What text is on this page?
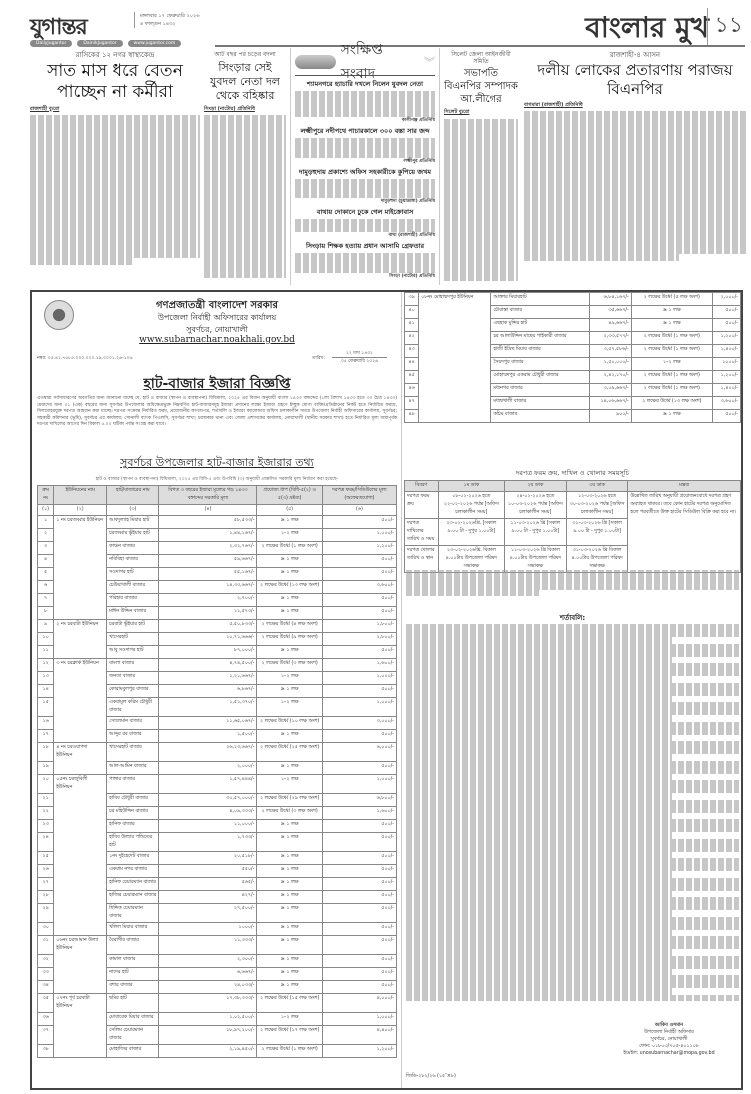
যুগান্তর	মঙ্গলবার ১৭ ফেব্রুয়ারি ২০২৬
৪ ফাল্গুন ১৪৩২
DailyJugantor	DainikJugantor	www.jugantor.com	বাংলার মুখ ১১
রাসিকের ১২ নগর স্বাস্থ্যকেন্দ্র
সাত মাস ধরে বেতন পাচ্ছেন না কর্মীরা
রাজশাহী ব্যুরো
আট বছর পর চড়ের বদলা
সিংড়ার সেই যুবদল নেতা দল থেকে বহিষ্কার
সিংড়া (নাটোর) প্রতিনিধি
সংক্ষিপ্ত সংবাদ
︾
শ্যামনগরে হ্যাচারি দখলে নিলেন যুবদল নেতা
কালীগঞ্জ প্রতিনিধি
লক্ষ্মীপুরে নদীপথে পাচারকালে ৩০০ বস্তা সার জব্দ
লক্ষ্মীপুর প্রতিনিধি
দামুড়হুদায় প্রকাশ্যে অফিস সহকারীকে কুপিয়ে জখম
দামুড়হুদা (চুয়াডাঙ্গা) প্রতিনিধি
বাথায় দোকানে ঢুকে গেল মাইক্রোবাস
বাঘা (রাজশাহী) প্রতিনিধি
সিংড়ায় শিক্ষক হত্যায় প্রধান আসামি গ্রেফতার
সিংড়া (নাটোর) প্রতিনিধি
সিলেট জেলা আইনজীবী সমিতি
সভাপতি বিএনপির সম্পাদক আ.লীগের
সিলেট ব্যুরো
রাজশাহী-৪ আসন
দলীয় লোকের প্রতারণায় পরাজয় বিএনপির
বাগমারা (রাজশাহী) প্রতিনিধি
গণপ্রজাতন্ত্রী বাংলাদেশ সরকার
উপজেলা নির্বাহী অফিসারের কার্যালয়
সুবর্ণচর, নোয়াখালী
www.subarnachar.noakhali.gov.bd
নম্বর: ০৫.৪২.৭৫৮৫.০০০.০০০.১৯.০০০১.২৬-১০৬	তারিখ:
২২ মাঘ ১৪৩২
০৫ ফেব্রুয়ারি ২০২৬
হাট-বাজার ইজারা বিজ্ঞপ্তি
এতদ্বারা সর্বসাধারণের অবগতির জন্য জানানো যাচ্ছে যে, হাট ও বাজার (স্থাপন ও ব্যবস্থাপনা) বিধিমালা, ২০২৫ এর বিধান অনুযায়ী বাংলা ১৪৩৩ বঙ্গাব্দের (১লা বৈশাখ ১৪৩৩ হতে ৩০ চৈত্র ১৪৩৩) মেয়াদের জন্য ০১ (এক) বছরের জন্য সুবর্ণচর উপজেলার অধিক্ষেত্রভুক্ত নিম্নবর্ণিত হাট-বাজারসমূহ ইজারা প্রদানের লক্ষ্যে ইজারা গ্রহণে ইচ্ছুক যোগ্য ব্যক্তি/প্রতিষ্ঠানের নিকট হতে নির্ধারিত ফরমে, সিলমোহরযুক্ত দরপত্র আহবান করা যাচ্ছে। দরপত্র সংক্রান্ত নির্ধারিত ফরম, প্রয়োজনীয় কাগজপত্র, শর্তাবলি ও ইজারা ক্যালেন্ডার অফিস চলাকালীন সময়ে উপজেলা নির্বাহী অফিসারের কার্যালয়, সুবর্ণচর; সহকারী কমিশনার (ভূমি), সুবর্ণচর এর কার্যালয়; সোনালী ব্যাংক পিএলসি, সুবর্ণচর শাখা; চরজব্বর থানা এবং জেলা প্রশাসকের কার্যালয়, নোয়াখালী (স্থানীয় সরকার শাখা) হতে নির্ধারিত মূল্য জমাপূর্বক দরপত্র দাখিলের আগের দিন বিকাল ৫.০০ ঘটিকা পর্যন্ত সংগ্রহ করা যাবে।
সুবর্ণচর উপজেলার হাট-বাজার ইজারার তথ্য
হাট ও বাজার (স্থাপন ও ব্যবস্থাপনা) বিধিমালা, ২০২৫ এর বিধি-৫ এবং উপবিধি (৩) অনুযায়ী প্রাক্কলিত সরকারি মূল্য নির্ধারণ করা হয়েছে-
ক্রম নং	ইউনিয়নের নাম	হাট/বাজারের নাম	বিগত ৩ বছরের ইজারা মূল্যের গড় ১৪৩৩ বঙ্গাব্দের সরকারি মূল্য	প্রযোজ্য ধাপ (বিধি-৫(২) ও ৫(৩) দ্রষ্টব্য)	দরপত্র ফরম/সিডিউলের মূল্য (অফেরতযোগ্য)
(১)	(২)	(৩)	(৪)	(৫)	(৬)
১	১ নং চরজব্বার ইউনিয়ন	আবদুল্যাহ মিয়ার হাট	৫৮,৫৩৩/-	≥ ১ লক্ষ	৫০০/-
২		চরজব্বার ভূঁইয়ার হাট	১,৪৪,১৬৭/-	১–২ লক্ষ	১,০০০/-
৩		কাঞ্চন বাজার	২,৩২,৭৬৭/-	২ লক্ষের উর্ধ্বে (১ লক্ষ অংশ)	১,২০০/-
৪		নবিবিহা বাজার	৫৯,৬৬৭/-	≥ ১ লক্ষ	৫০০/-
৫		সওদাগর হাট	৫৫,১৬৭/-	≥ ১ লক্ষ	৫০০/-
৬		চেউয়াখালী বাজার	১৪,৩৩,৬৬৭/-	২ লক্ষের উর্ধ্বে (১৩ লক্ষ অংশ)	৩,৬০০/-
৭		পরিহার বাজার	২,৭০০/-	≥ ১ লক্ষ	৫০০/-
৮		মাঈন উদ্দিন বাজার	১১,৫৭৩/-	≥ ১ লক্ষ	৫০০/-
৯	২ নং চরবাটা ইউনিয়ন	চরবাটা ভূঁইয়ার হাট	৫,৫০,৮৩৩/-	২ লক্ষের উর্ধ্বে (৪ লক্ষ অংশ)	১,৮০০/-
১০		খাসেরহাট	১০,৭১,৬৬৬/-	২ লক্ষের উর্ধ্বে (৯ লক্ষ অংশ)	২,৮০০/-
১১		আবু সওদাগর হাট	৮৭,০০০/-	≥ ১ লক্ষ	৫০০/-
১২	৩ নং চরক্লার্ক ইউনিয়ন	বাংলা বাজার	৪,৭৪,৫০০/-	২ লক্ষের উর্ধ্বে (৩ লক্ষ অংশ)	১,৬০০/-
১৩		জনতা বাজার	১,২১,৬৬৭/-	১–২ লক্ষ	১,০০০/-
১৪		কোরামবুলপুর বাজার	৬,৮৬৭/-	≥ ১ লক্ষ	৫০০/-
১৫		একরামুল করিম চৌধুরী বাজার	১,৫১,৩৭০/-	১–২ লক্ষ	১,০০০/-
১৬		সোলেমান বাজার	১১,৬৫,০৬৭/-	২ লক্ষের উর্ধ্বে (১০ লক্ষ অংশ)	৩,০০০/-
১৭		আব্দুর রব বাজার	১,৫০০/-	≥ ১ লক্ষ	৫০০/-
১৮	৪ নং চরওয়াপদা ইউনিয়ন	খাসেরহাট বাজার	২৬,২৩,৬৬৭/-	২ লক্ষের উর্ধ্বে (২৫ লক্ষ অংশ)	৬,০০০/-
১৯		আল-আমিন বাজার	২,০০০/-	≥ ১ লক্ষ	৫০০/-
২০	০৫নং চরজুবিলী ইউনিয়ন	পাঙ্গার বাজার	১,৫৭,৪৪৪/-	১–২ লক্ষ	১,০০০/-
২১		হাবিব চৌধুরী বাজার	৩০,৫৭,০০০/-	২ লক্ষের উর্ধ্বে (২৯ লক্ষ অংশ)	৬,৮০০/-
২২		চর মহিউদ্দিন বাজার	৪,০৯,৩৩৩/-	২ লক্ষের উর্ধ্বে (৩ লক্ষ অংশ)	১,৬০০/-
২৩		হানিফ বাজার	১১,০০০/-	≥ ১ লক্ষ	৫০০/-
২৪		হাবিব উল্যার পন্ডিতের হাট	১,৭৩৩/-	≥ ১ লক্ষ	৫০০/-
২৫		১নং দুইহেদেট বাজার	২০,৫১৮/-	≥ ১ লক্ষ	৫০০/-
২৬		একরাম নগর বাজার	৫৫০/-	≥ ১ লক্ষ	৫০০/-
২৭		হানিফ চেয়ারম্যান বাজার	৫৬৫/-	≥ ১ লক্ষ	৫০০/-
২৮		হাজির চেয়ারম্যান বাজার	৪২৭/-	≥ ১ লক্ষ	৫০০/-
২৯		ছিদ্দিক চেয়ারম্যান বাজার	২৭,৫০০/-	≥ ১ লক্ষ	৫০০/-
৩০		খলিল মিয়ার বাজার	১০০০/-	≥ ১ লক্ষ	৫০০/-
৩১	০৬নং চরআমান উল্যা ইউনিয়ন	বৈরাগীর বাজার	১১,৩৩৩/-	≥ ১ লক্ষ	৫০০/-
৩২		কামাল বাজার	২,৩০০/-	≥ ১ লক্ষ	৫০০/-
৩৩		নাদের হাট	৬,৬৬৭/-	≥ ১ লক্ষ	৫০০/-
৩৪		বশার বাজার	২৪,০৩৩/-	≥ ১ লক্ষ	৫০০/-
৩৫	০৭নং পূর্ব চরবাটা ইউনিয়ন	ছমির হাট	১৭,৩৮,৩৩৩/-	২ লক্ষের উর্ধ্বে (১৫ লক্ষ অংশ)	৪,০০০/-
৩৬		মোবারেক মিয়ার বাজার	১,০২,৫০০/-	১–২ লক্ষ	১,০০০/-
৩৭		সেলিম চেয়ারম্যান বাজার	১৮,৯৭,২০০/-	২ লক্ষের উর্ধ্বে (১৭ লক্ষ অংশ)	৪,৪০০/-
৩৮		মোহাজির বাজার	২,১৯,৪৫০/-	২ লক্ষের উর্ধ্বে (১ লক্ষ অংশ)	১,২০০/-
৩৯	০৮নং মোহাম্মদপুর ইউনিয়ন	আক্তার মিয়ারহাট	৬,৮৪,১৬৭/-	২ লক্ষের উর্ধ্বে (৫ লক্ষ অংশ)	২,০০০/-
৪০		চৌরাস্তা বাজার	৩৫,৬৬৭/-	≥ ১ লক্ষ	৫০০/-
৪১		এছহাক মুন্সির হাট	৪৯,৬৬৭/-	≥ ১ লক্ষ	৫০০/-
৪২		চর আলাউদ্দিন মাছের পাইকারী বাজার	২,৩৩,৫৭৭/-	২ লক্ষের উর্ধ্বে (১ লক্ষ অংশ)	১,২০০/-
৪৩		হাজী ইদ্রিছ মিয়ার বাজার	৩,৫৭,৫৮৬/-	২ লক্ষের উর্ধ্বে (১ লক্ষ অংশ)	১,৪০০/-
৪৪		সৈয়দপুর বাজার	১,৫০,০০০/-	১–২ লক্ষ	১০০০/-
৪৫		মোহাম্মদপুর একরাম চৌধুরী বাজার	২,৪২,১৭০/-	২ লক্ষের উর্ধ্বে (১ লক্ষ অংশ)	১,২০০/-
৪৬		মধ্যনগর বাজার	৩,০৯,৬৬৭/-	২ লক্ষের উর্ধ্বে (১ লক্ষ অংশ)	১,৪০০/-
৪৭		মধ্যম্বখালী বাজার	১৪,০৬,৬৬৭/-	২ লক্ষের উর্ধ্বে (১৩ লক্ষ অংশ)	৩,৬০০/-
৪৮		কচিম বাজার	৯০০/-	≥ ১ লক্ষ	৫০০/-
দরপত্র ফরম ক্রয়, দাখিল ও খোলার সময়সূচি
বিবরণ	১ম ডাক	২য় ডাক	৩য় ডাক	মন্তব্য
দরপত্র ফরম ক্রয়	০৮-০২-২০২৬ হতে ২২-০২-২০২৬ পর্যন্ত [অফিস চলাকালীন সময়]	২৪-০২-২০২৬ হতে ১০-০৩-২০২৬ পর্যন্ত [অফিস চলাকালীন সময়]	১২-০৩-২০২৬ হতে ৩০-০৩-২০২৬ পর্যন্ত [অফিস চলাকালীন সময়]	উল্লেখিত তারিখ অনুযায়ী প্রয়োজনবোধে দরপত্র গ্রহণ অব্যাহত থাকবে। তবে কোন হাটের দরপত্র অনুমোদিত হলে পরবর্তীতে উক্ত হাটের সিডিউল বিক্রি করা হবে না।
দরপত্র দাখিলের তারিখ ও সময়	২৩-০২-২০২৬খ্রি. [সকাল ৯.০০ টা - দুপুর ১.০০টা]	১১-০৩-২০২৬ খ্রি [সকাল ৯.০০ টা - দুপুর ১.০০টা]	৩১-০৩-২০২৬ খ্রি [সকাল ৯.০০ টা - দুপুর ১.০০টা]	
দরপত্র খোলার তারিখ ও স্থান	২৩-০২-২০২৬খ্রি. বিকাল ৪.০০টায় উপজেলা পরিষদ সভাকক্ষ	১১-০৩-২০২৬ খ্রি বিকাল ৪.০০টায় উপজেলা পরিষদ সভাকক্ষ	৩১-০৩-২০২৬ খ্রি বিকাল ৪.০০টায় উপজেলা পরিষদ সভাকক্ষ	
শর্তাবলি:
আকিব ওসমান
উপজেলা নির্বাহী অফিসার
সুবর্ণচর, নোয়াখালী
ফোন: ০১৮০৩/৭০৫-৪০১১০৮
ইমেইল: unosubarnachar@mopa.gov.bd
জিডি-২৮২/২৬ (১৫″×৮)
